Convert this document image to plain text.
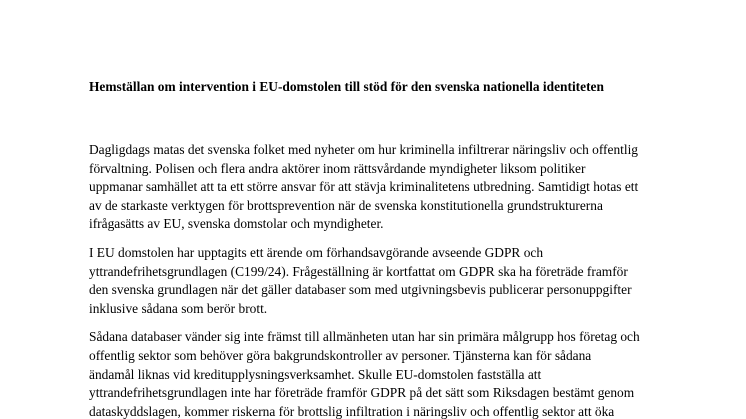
Hemställan om intervention i EU-domstolen till stöd för den svenska nationella identiteten

Dagligdags matas det svenska folket med nyheter om hur kriminella infiltrerar näringsliv och offentlig
förvaltning. Polisen och flera andra aktörer inom rättsvårdande myndigheter liksom politiker
uppmanar samhället att ta ett större ansvar för att stävja kriminalitetens utbredning. Samtidigt hotas ett
av de starkaste verktygen för brottsprevention när de svenska konstitutionella grundstrukturerna
ifrågasätts av EU, svenska domstolar och myndigheter.

I EU domstolen har upptagits ett ärende om förhandsavgörande avseende GDPR och
yttrandefrihetsgrundlagen (C199/24). Frågeställning är kortfattat om GDPR ska ha företräde framför
den svenska grundlagen när det gäller databaser som med utgivningsbevis publicerar personuppgifter
inklusive sådana som berör brott.

Sådana databaser vänder sig inte främst till allmänheten utan har sin primära målgrupp hos företag och
offentlig sektor som behöver göra bakgrundskontroller av personer. Tjänsterna kan för sådana
ändamål liknas vid kreditupplysningsverksamhet. Skulle EU-domstolen fastställa att
yttrandefrihetsgrundlagen inte har företräde framför GDPR på det sätt som Riksdagen bestämt genom
dataskyddslagen, kommer riskerna för brottslig infiltration i näringsliv och offentlig sektor att öka
